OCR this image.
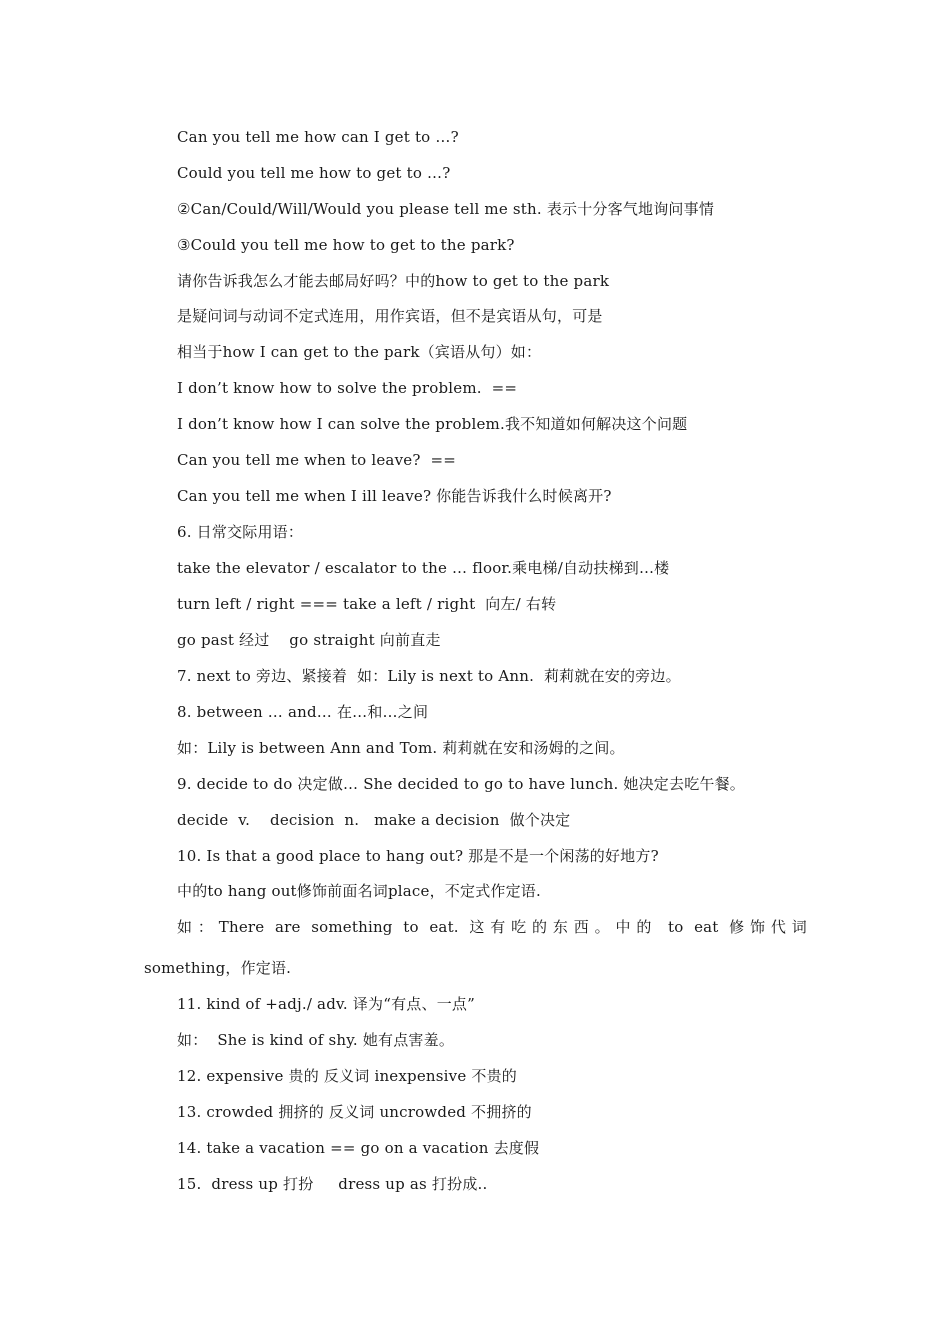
Can you tell me how can I get to …?
Could you tell me how to get to …?
②Can/Could/Will/Would you please tell me sth. 表示十分客气地询问事情
③Could you tell me how to get to the park?
请你告诉我怎么才能去邮局好吗？中的how to get to the park
是疑问词与动词不定式连用，用作宾语，但不是宾语从句，可是
相当于how I can get to the park（宾语从句）如：
I don’t know how to solve the problem.  ==
I don’t know how I can solve the problem.我不知道如何解决这个问题
Can you tell me when to leave?  ==
Can you tell me when I ill leave? 你能告诉我什么时候离开?
6. 日常交际用语：
take the elevator / escalator to the … floor.乘电梯/自动扶梯到…楼
turn left / right === take a left / right  向左/ 右转
go past 经过    go straight 向前直走
7. next to 旁边、紧接着  如：Lily is next to Ann.  莉莉就在安的旁边。
8. between … and… 在…和…之间
如：Lily is between Ann and Tom. 莉莉就在安和汤姆的之间。
9. decide to do 决定做… She decided to go to have lunch. 她决定去吃午餐。
decide  v.    decision  n.   make a decision  做个决定
10. Is that a good place to hang out? 那是不是一个闲荡的好地方?
中的to hang out修饰前面名词place，不定式作定语.
如：There are something to eat. 这有吃的东西。中的 to eat 修饰代词
something，作定语.
11. kind of +adj./ adv. 译为“有点、一点”
如：  She is kind of shy. 她有点害羞。
12. expensive 贵的 反义词 inexpensive 不贵的
13. crowded 拥挤的 反义词 uncrowded 不拥挤的
14. take a vacation == go on a vacation 去度假
15.  dress up 打扮     dress up as 打扮成..
